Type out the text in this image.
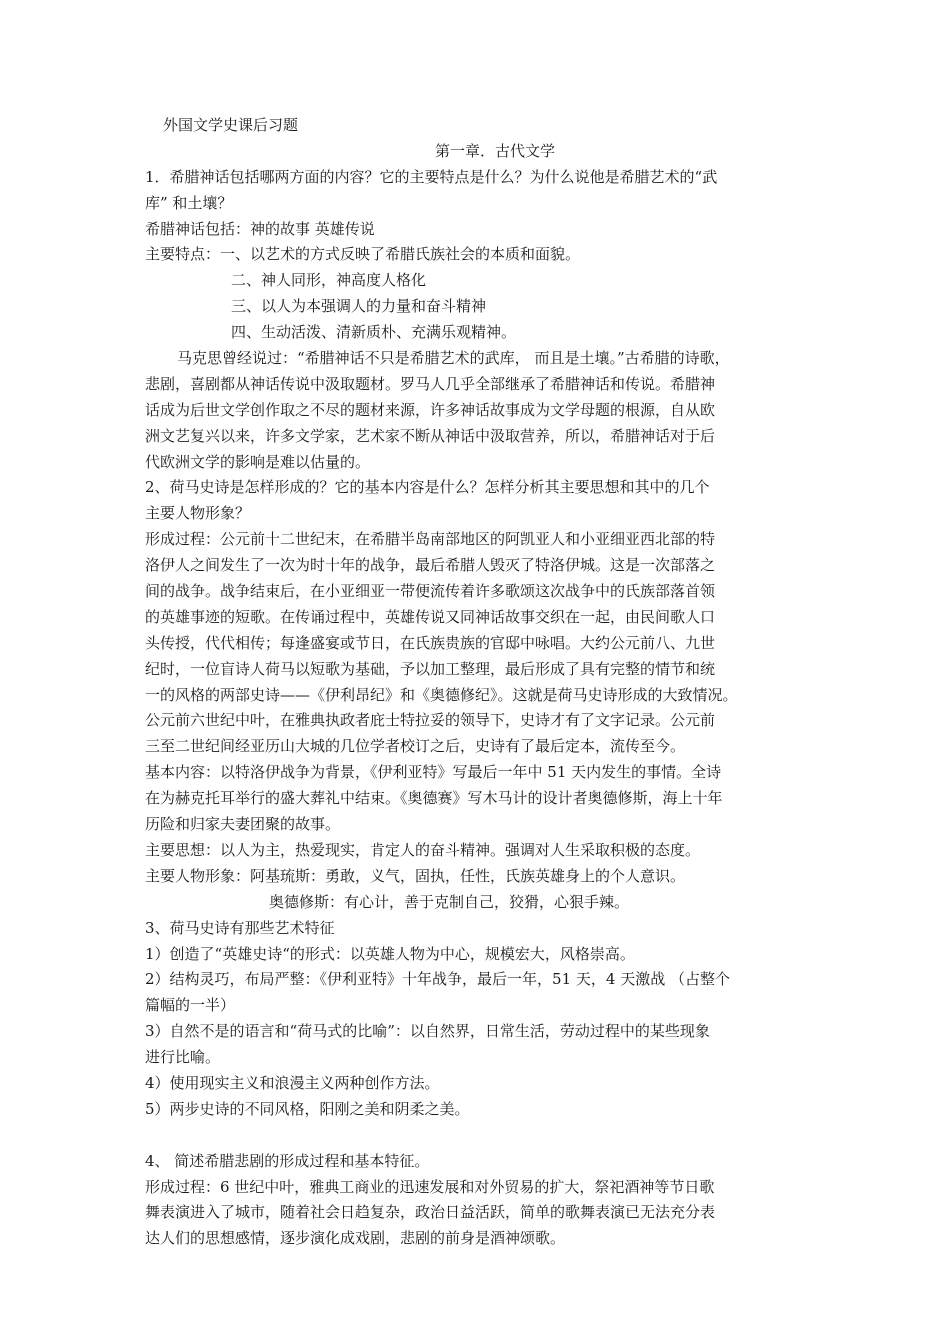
外国文学史课后习题
第一章．古代文学
1．希腊神话包括哪两方面的内容？它的主要特点是什么？为什么说他是希腊艺术的“武
库” 和土壤？
希腊神话包括：神的故事 英雄传说
主要特点：一、以艺术的方式反映了希腊氏族社会的本质和面貌。
二、神人同形，神高度人格化
三、以人为本强调人的力量和奋斗精神
四、生动活泼、清新质朴、充满乐观精神。
马克思曾经说过：“希腊神话不只是希腊艺术的武库， 而且是土壤。”古希腊的诗歌，
悲剧，喜剧都从神话传说中汲取题材。罗马人几乎全部继承了希腊神话和传说。希腊神
话成为后世文学创作取之不尽的题材来源，许多神话故事成为文学母题的根源，自从欧
洲文艺复兴以来，许多文学家，艺术家不断从神话中汲取营养，所以，希腊神话对于后
代欧洲文学的影响是难以估量的。
2、荷马史诗是怎样形成的？它的基本内容是什么？怎样分析其主要思想和其中的几个
主要人物形象？
形成过程：公元前十二世纪末，在希腊半岛南部地区的阿凯亚人和小亚细亚西北部的特
洛伊人之间发生了一次为时十年的战争，最后希腊人毁灭了特洛伊城。这是一次部落之
间的战争。战争结束后，在小亚细亚一带便流传着许多歌颂这次战争中的氏族部落首领
的英雄事迹的短歌。在传诵过程中，英雄传说又同神话故事交织在一起，由民间歌人口
头传授，代代相传；每逢盛宴或节日，在氏族贵族的官邸中咏唱。大约公元前八、九世
纪时，一位盲诗人荷马以短歌为基础，予以加工整理，最后形成了具有完整的情节和统
一的风格的两部史诗——《伊利昂纪》和《奥德修纪》。这就是荷马史诗形成的大致情况。
公元前六世纪中叶，在雅典执政者庇士特拉妥的领导下，史诗才有了文字记录。公元前
三至二世纪间经亚历山大城的几位学者校订之后，史诗有了最后定本，流传至今。
基本内容：以特洛伊战争为背景，《伊利亚特》写最后一年中 51 天内发生的事情。全诗
在为赫克托耳举行的盛大葬礼中结束。《奥德赛》写木马计的设计者奥德修斯，海上十年
历险和归家夫妻团聚的故事。
主要思想：以人为主，热爱现实，肯定人的奋斗精神。强调对人生采取积极的态度。
主要人物形象：阿基琉斯：勇敢，义气，固执，任性，氏族英雄身上的个人意识。
奥德修斯：有心计，善于克制自己，狡猾，心狠手辣。
3、荷马史诗有那些艺术特征
1）创造了“英雄史诗“的形式：以英雄人物为中心，规模宏大，风格崇高。
2）结构灵巧，布局严整：《伊利亚特》十年战争，最后一年，51 天，4 天激战 （占整个
篇幅的一半）
3）自然不是的语言和“荷马式的比喻”：以自然界，日常生活，劳动过程中的某些现象
进行比喻。
4）使用现实主义和浪漫主义两种创作方法。
5）两步史诗的不同风格，阳刚之美和阴柔之美。
4、 简述希腊悲剧的形成过程和基本特征。
形成过程：6 世纪中叶，雅典工商业的迅速发展和对外贸易的扩大，祭祀酒神等节日歌
舞表演进入了城市，随着社会日趋复杂，政治日益活跃，简单的歌舞表演已无法充分表
达人们的思想感情，逐步演化成戏剧，悲剧的前身是酒神颂歌。
